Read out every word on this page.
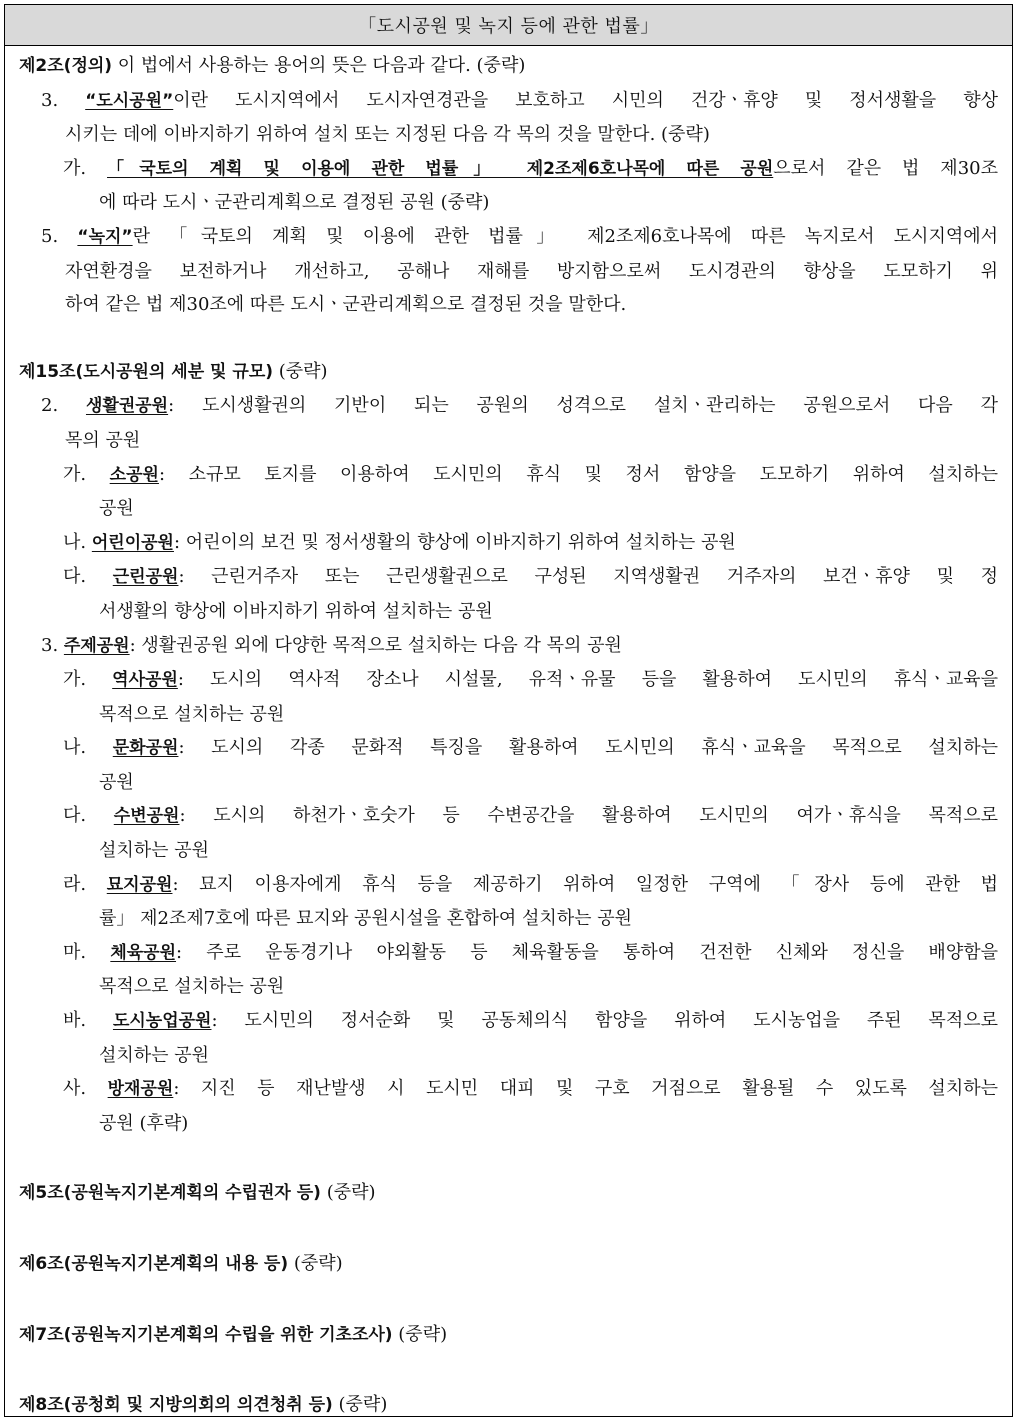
「도시공원 및 녹지 등에 관한 법률」
제2조(정의) 이 법에서 사용하는 용어의 뜻은 다음과 같다. (중략)
3. “도시공원”이란 도시지역에서 도시자연경관을 보호하고 시민의 건강ㆍ휴양 및 정서생활을 향상
시키는 데에 이바지하기 위하여 설치 또는 지정된 다음 각 목의 것을 말한다. (중략)
가. 「국토의 계획 및 이용에 관한 법률」 제2조제6호나목에 따른 공원으로서 같은 법 제30조
에 따라 도시ㆍ군관리계획으로 결정된 공원 (중략)
5. “녹지”란 「국토의 계획 및 이용에 관한 법률」 제2조제6호나목에 따른 녹지로서 도시지역에서
자연환경을 보전하거나 개선하고, 공해나 재해를 방지함으로써 도시경관의 향상을 도모하기 위
하여 같은 법 제30조에 따른 도시ㆍ군관리계획으로 결정된 것을 말한다.
제15조(도시공원의 세분 및 규모) (중략)
2. 생활권공원: 도시생활권의 기반이 되는 공원의 성격으로 설치ㆍ관리하는 공원으로서 다음 각
목의 공원
가. 소공원: 소규모 토지를 이용하여 도시민의 휴식 및 정서 함양을 도모하기 위하여 설치하는
공원
나. 어린이공원: 어린이의 보건 및 정서생활의 향상에 이바지하기 위하여 설치하는 공원
다. 근린공원: 근린거주자 또는 근린생활권으로 구성된 지역생활권 거주자의 보건ㆍ휴양 및 정
서생활의 향상에 이바지하기 위하여 설치하는 공원
3. 주제공원: 생활권공원 외에 다양한 목적으로 설치하는 다음 각 목의 공원
가. 역사공원: 도시의 역사적 장소나 시설물, 유적ㆍ유물 등을 활용하여 도시민의 휴식ㆍ교육을
목적으로 설치하는 공원
나. 문화공원: 도시의 각종 문화적 특징을 활용하여 도시민의 휴식ㆍ교육을 목적으로 설치하는
공원
다. 수변공원: 도시의 하천가ㆍ호숫가 등 수변공간을 활용하여 도시민의 여가ㆍ휴식을 목적으로
설치하는 공원
라. 묘지공원: 묘지 이용자에게 휴식 등을 제공하기 위하여 일정한 구역에 「장사 등에 관한 법
률」 제2조제7호에 따른 묘지와 공원시설을 혼합하여 설치하는 공원
마. 체육공원: 주로 운동경기나 야외활동 등 체육활동을 통하여 건전한 신체와 정신을 배양함을
목적으로 설치하는 공원
바. 도시농업공원: 도시민의 정서순화 및 공동체의식 함양을 위하여 도시농업을 주된 목적으로
설치하는 공원
사. 방재공원: 지진 등 재난발생 시 도시민 대피 및 구호 거점으로 활용될 수 있도록 설치하는
공원 (후략)
제5조(공원녹지기본계획의 수립권자 등) (중략)
제6조(공원녹지기본계획의 내용 등) (중략)
제7조(공원녹지기본계획의 수립을 위한 기초조사) (중략)
제8조(공청회 및 지방의회의 의견청취 등) (중략)
